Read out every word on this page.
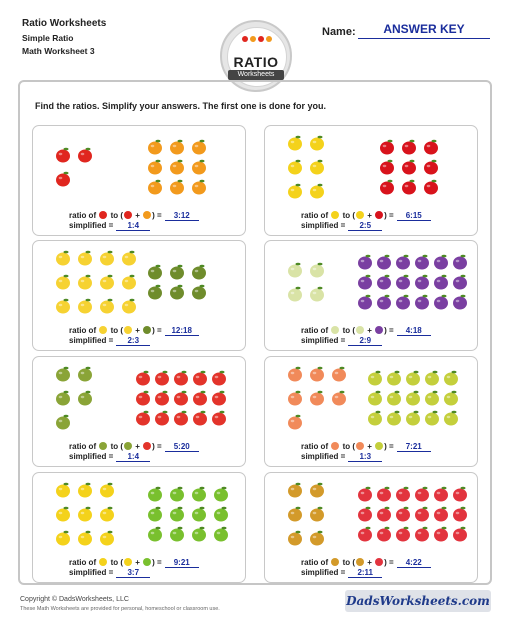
Ratio Worksheets
Simple Ratio
Math Worksheet 3
RATIO
Worksheets
Name:	ANSWER KEY
Find the ratios. Simplify your answers. The first one is done for you.
ratio of to ( + ) = 3:12
simplified = 1:4
ratio of to ( + ) = 6:15
simplified = 2:5
ratio of to ( + ) = 12:18
simplified = 2:3
ratio of to ( + ) = 4:18
simplified = 2:9
ratio of to ( + ) = 5:20
simplified = 1:4
ratio of to ( + ) = 7:21
simplified = 1:3
ratio of to ( + ) = 9:21
simplified = 3:7
ratio of to ( + ) = 4:22
simplified = 2:11
Copyright © DadsWorksheets, LLC
These Math Worksheets are provided for personal, homeschool or classroom use.
DadsWorksheets.com
